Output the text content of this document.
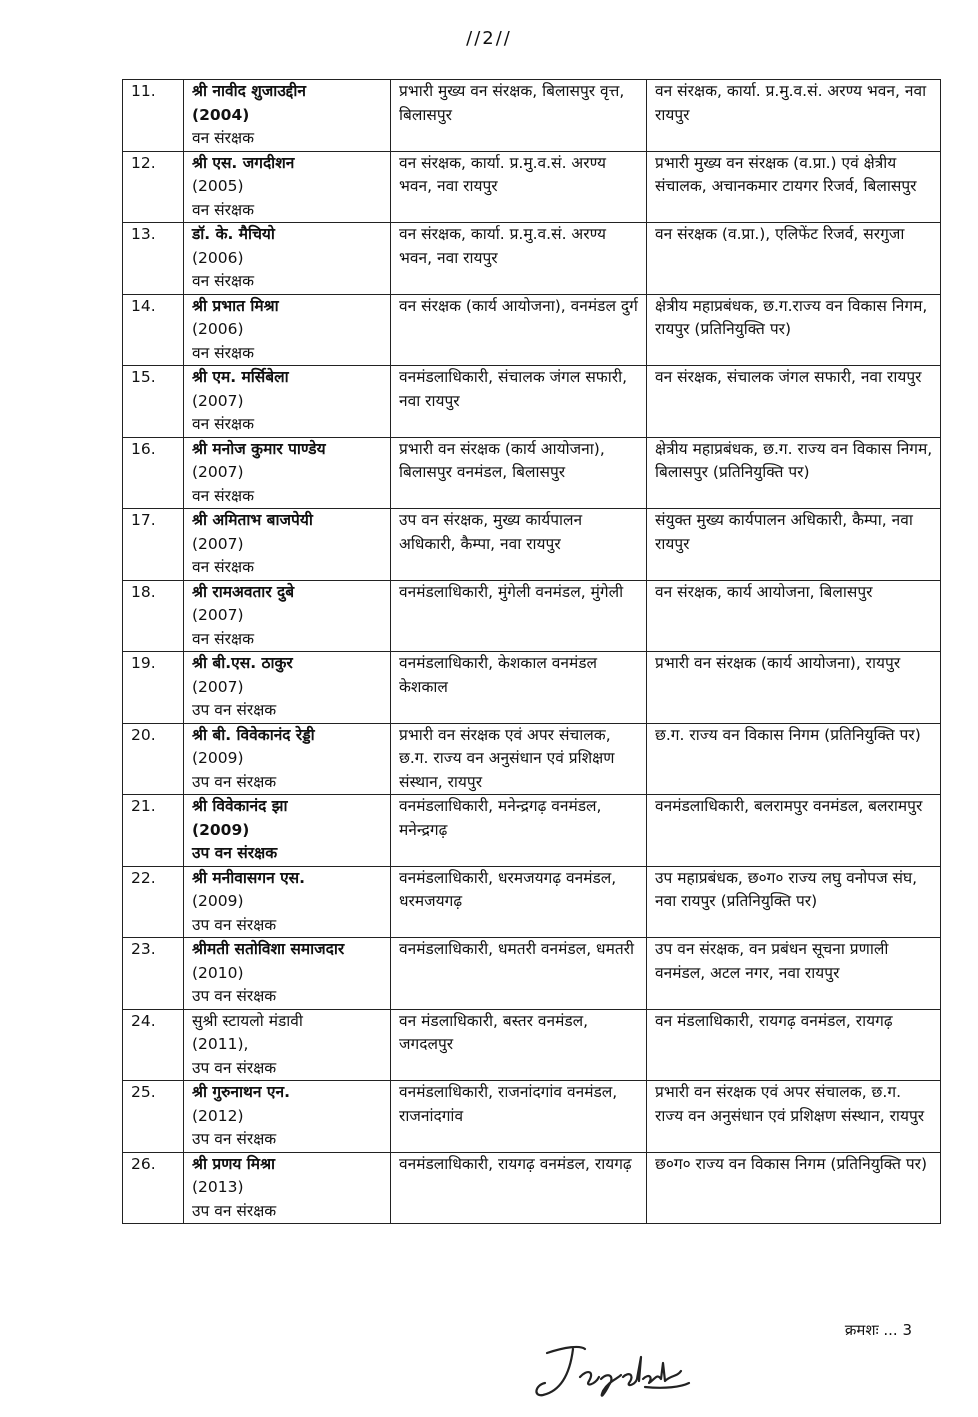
//2//
11.	श्री नावीद शुजाउद्दीन
(2004)
वन संरक्षक	प्रभारी मुख्य वन संरक्षक, बिलासपुर वृत्त, बिलासपुर	वन संरक्षक, कार्या. प्र.मु.व.सं. अरण्य भवन, नवा रायपुर
12.	श्री एस. जगदीशन
(2005)
वन संरक्षक	वन संरक्षक, कार्या. प्र.मु.व.सं. अरण्य भवन, नवा रायपुर	प्रभारी मुख्य वन संरक्षक (व.प्रा.) एवं क्षेत्रीय संचालक, अचानकमार टायगर रिजर्व, बिलासपुर
13.	डॉ. के. मैचियो
(2006)
वन संरक्षक	वन संरक्षक, कार्या. प्र.मु.व.सं. अरण्य भवन, नवा रायपुर	वन संरक्षक (व.प्रा.), एलिफेंट रिजर्व, सरगुजा
14.	श्री प्रभात मिश्रा
(2006)
वन संरक्षक	वन संरक्षक (कार्य आयोजना), वनमंडल दुर्ग	क्षेत्रीय महाप्रबंधक, छ.ग.राज्य वन विकास निगम, रायपुर (प्रतिनियुक्ति पर)
15.	श्री एम. मर्सिबेला
(2007)
वन संरक्षक	वनमंडलाधिकारी, संचालक जंगल सफारी, नवा रायपुर	वन संरक्षक, संचालक जंगल सफारी, नवा रायपुर
16.	श्री मनोज कुमार पाण्डेय
(2007)
वन संरक्षक	प्रभारी वन संरक्षक (कार्य आयोजना), बिलासपुर वनमंडल, बिलासपुर	क्षेत्रीय महाप्रबंधक, छ.ग. राज्य वन विकास निगम, बिलासपुर (प्रतिनियुक्ति पर)
17.	श्री अमिताभ बाजपेयी
(2007)
वन संरक्षक	उप वन संरक्षक, मुख्य कार्यपालन अधिकारी, कैम्पा, नवा रायपुर	संयुक्त मुख्य कार्यपालन अधिकारी, कैम्पा, नवा रायपुर
18.	श्री रामअवतार दुबे
(2007)
वन संरक्षक	वनमंडलाधिकारी, मुंगेली वनमंडल, मुंगेली	वन संरक्षक, कार्य आयोजना, बिलासपुर
19.	श्री बी.एस. ठाकुर
(2007)
उप वन संरक्षक	वनमंडलाधिकारी, केशकाल वनमंडल केशकाल	प्रभारी वन संरक्षक (कार्य आयोजना), रायपुर
20.	श्री बी. विवेकानंद रेड्डी
(2009)
उप वन संरक्षक	प्रभारी वन संरक्षक एवं अपर संचालक, छ.ग. राज्य वन अनुसंधान एवं प्रशिक्षण संस्थान, रायपुर	छ.ग. राज्य वन विकास निगम (प्रतिनियुक्ति पर)
21.	श्री विवेकानंद झा
(2009)
उप वन संरक्षक	वनमंडलाधिकारी, मनेन्द्रगढ़ वनमंडल, मनेन्द्रगढ़	वनमंडलाधिकारी, बलरामपुर वनमंडल, बलरामपुर
22.	श्री मनीवासगन एस.
(2009)
उप वन संरक्षक	वनमंडलाधिकारी, धरमजयगढ़ वनमंडल, धरमजयगढ़	उप महाप्रबंधक, छ०ग० राज्य लघु वनोपज संघ, नवा रायपुर (प्रतिनियुक्ति पर)
23.	श्रीमती सतोविशा समाजदार
(2010)
उप वन संरक्षक	वनमंडलाधिकारी, धमतरी वनमंडल, धमतरी	उप वन संरक्षक, वन प्रबंधन सूचना प्रणाली वनमंडल, अटल नगर, नवा रायपुर
24.	सुश्री स्टायलो मंडावी
(2011),
उप वन संरक्षक	वन मंडलाधिकारी, बस्तर वनमंडल, जगदलपुर	वन मंडलाधिकारी, रायगढ़ वनमंडल, रायगढ़
25.	श्री गुरुनाथन एन.
(2012)
उप वन संरक्षक	वनमंडलाधिकारी, राजनांदगांव वनमंडल, राजनांदगांव	प्रभारी वन संरक्षक एवं अपर संचालक, छ.ग. राज्य वन अनुसंधान एवं प्रशिक्षण संस्थान, रायपुर
26.	श्री प्रणय मिश्रा
(2013)
उप वन संरक्षक	वनमंडलाधिकारी, रायगढ़ वनमंडल, रायगढ़	छ०ग० राज्य वन विकास निगम (प्रतिनियुक्ति पर)
क्रमशः ... 3
